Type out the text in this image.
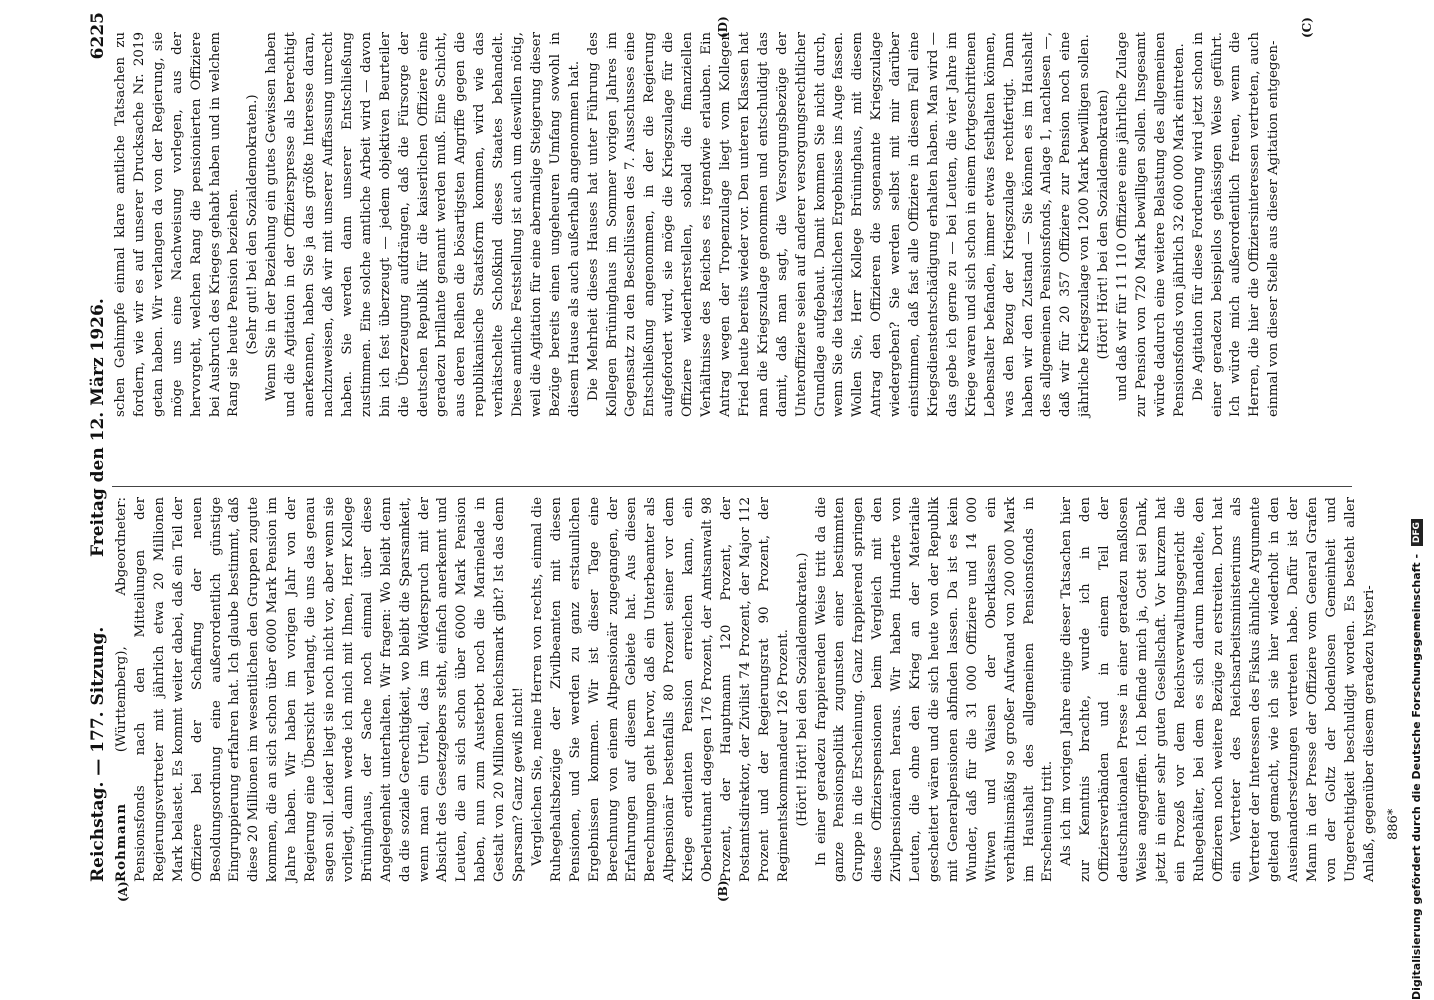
Reichstag. — 177. Sitzung.
Freitag den 12. März 1926.
6225
(A)	(B)
(C)
(D)

Rohmann (Württemberg), Abgeordneter: Pensionsfonds nach den Mitteilungen der Regierungsvertreter mit jährlich etwa 20 Millionen Mark belastet. Es kommt weiter dabei, daß ein Teil der Offiziere bei der Schaffung der neuen Besoldungsordnung eine außerordentlich günstige Eingruppierung erfahren hat. Ich glaube bestimmt, daß diese 20 Millionen im wesentlichen den Gruppen zugute kommen, die an sich schon über 6000 Mark Pension im Jahre haben. Wir haben im vorigen Jahr von der Regierung eine Übersicht verlangt, die uns das genau sagen soll. Leider liegt sie noch nicht vor, aber wenn sie vorliegt, dann werde ich mich mit Ihnen, Herr Kollege Brüninghaus, der Sache noch einmal über diese Angelegenheit unterhalten. Wir fragen: Wo bleibt denn da die soziale Gerechtigkeit, wo bleibt die Sparsamkeit, wenn man ein Urteil, das im Widerspruch mit der Absicht des Gesetzgebers steht, einfach anerkennt und Leuten, die an sich schon über 6000 Mark Pension haben, nun zum Austerbot noch die Marinelade in Gestalt von 20 Millionen Reichsmark gibt? Ist das denn Sparsam? Ganz gewiß nicht! Vergleichen Sie, meine Herren von rechts, einmal die Ruhegehaltsbezüge der Zivilbeamten mit diesen Pensionen, und Sie werden zu ganz erstaunlichen Ergebnissen kommen. Wir ist dieser Tage eine Berechnung von einem Altpensionär zugegangen, der Erfahrungen auf diesem Gebiete hat. Aus diesen Berechnungen geht hervor, daß ein Unterbeamter als Altpensionär bestenfalls 80 Prozent seiner vor dem Kriege erdienten Pension erreichen kann, ein Oberleutnant dagegen 176 Prozent, der Amtsanwalt 98 Prozent, der Hauptmann 120 Prozent, der Postamtsdirektor, der Zivilist 74 Prozent, der Major 112 Prozent und der Regierungsrat 90 Prozent, der Regimentskommandeur 126 Prozent. (Hört! Hört! bei den Sozialdemokraten.) In einer geradezu frappierenden Weise tritt da die ganze Pensionspolitik zugunsten einer bestimmten Gruppe in die Erscheinung. Ganz frappierend springen diese Offizierspensionen beim Vergleich mit den Zivilpensionären heraus. Wir haben Hunderte von Leuten, die ohne den Krieg an der Materialie gescheitert wären und die sich heute von der Republik mit Generalpensionen abfinden lassen. Da ist es kein Wunder, daß für die 31 000 Offiziere und 14 000 Witwen und Waisen der Oberklassen ein verhältnismäßig so großer Aufwand von 200 000 Mark im Haushalt des allgemeinen Pensionsfonds in Erscheinung tritt. Als ich im vorigen Jahre einige dieser Tatsachen hier zur Kenntnis brachte, wurde ich in den Offiziersverbänden und in einem Teil der deutschnationalen Presse in einer geradezu maßlosen Weise angegriffen. Ich befinde mich ja, Gott sei Dank, jetzt in einer sehr guten Gesellschaft. Vor kurzem hat ein Prozeß vor dem Reichsverwaltungsgericht die Ruhegehälter, bei dem es sich darum handelte, den Offizieren noch weitere Bezüge zu erstreiten. Dort hat ein Vertreter des Reichsarbeitsministeriums als Vertreter der Interessen des Fiskus ähnliche Argumente geltend gemacht, wie ich sie hier wiederholt in den Auseinandersetzungen vertreten habe. Dafür ist der Mann in der Presse der Offiziere vom General Grafen von der Goltz der bodenlosen Gemeinheit und Ungerechtigkeit beschuldigt worden. Es besteht aller Anlaß, gegenüber diesem geradezu hysteri-

schen Gehimpfe einmal klare amtliche Tatsachen zu fordern, wie wir es auf unserer Drucksache Nr. 2019 getan haben. Wir verlangen da von der Regierung, sie möge uns eine Nachweisung vorlegen, aus der hervorgeht, welchen Rang die pensionierten Offiziere bei Ausbruch des Krieges gehabt haben und in welchem Rang sie heute Pension beziehen. (Sehr gut! bei den Sozialdemokraten.) Wenn Sie in der Beziehung ein gutes Gewissen haben und die Agitation in der Offizierspresse als berechtigt anerkennen, haben Sie ja das größte Interesse daran, nachzuweisen, daß wir mit unserer Auffassung unrecht haben. Sie werden dann unserer Entschließung zustimmen. Eine solche amtliche Arbeit wird — davon bin ich fest überzeugt — jedem objektiven Beurteiler die Überzeugung aufdrängen, daß die Fürsorge der deutschen Republik für die kaiserlichen Offiziere eine geradezu brillante genannt werden muß. Eine Schicht, aus deren Reihen die bösartigsten Angriffe gegen die republikanische Staatsform kommen, wird wie das verhätschelte Schoßkind dieses Staates behandelt. Diese amtliche Feststellung ist auch um deswillen nötig, weil die Agitation für eine abermalige Steigerung dieser Bezüge bereits einen ungeheuren Umfang sowohl in diesem Hause als auch außerhalb angenommen hat. Die Mehrheit dieses Hauses hat unter Führung des Kollegen Brüninghaus im Sommer vorigen Jahres im Gegensatz zu den Beschlüssen des 7. Ausschusses eine Entschließung angenommen, in der die Regierung aufgefordert wird, sie möge die Kriegszulage für die Offiziere wiederherstellen, sobald die finanziellen Verhältnisse des Reiches es irgendwie erlauben. Ein Antrag wegen der Tropenzulage liegt vom Kollegen Fried heute bereits wieder vor. Den unteren Klassen hat man die Kriegszulage genommen und entschuldigt das damit, daß man sagt, die Versorgungsbezüge der Unteroffiziere seien auf anderer versorgungsrechtlicher Grundlage aufgebaut. Damit kommen Sie nicht durch, wenn Sie die tatsächlichen Ergebnisse ins Auge fassen. Wollen Sie, Herr Kollege Brüninghaus, mit diesem Antrag den Offizieren die sogenannte Kriegszulage wiedergeben? Sie werden selbst mit mir darüber einstimmen, daß fast alle Offiziere in diesem Fall eine Kriegsdienstentschädigung erhalten haben. Man wird — das gebe ich gerne zu — bei Leuten, die vier Jahre im Kriege waren und sich schon in einem fortgeschrittenen Lebensalter befanden, immer etwas festhalten können, was den Bezug der Kriegszulage rechtfertigt. Dann haben wir den Zustand — Sie können es im Haushalt des allgemeinen Pensionsfonds, Anlage 1, nachlesen —, daß wir für 20 357 Offiziere zur Pension noch eine jährliche Kriegszulage von 1200 Mark bewilligen sollen. (Hört! Hört! bei den Sozialdemokraten) und daß wir für 11 110 Offiziere eine jährliche Zulage zur Pension von 720 Mark bewilligen sollen. Insgesamt würde dadurch eine weitere Belastung des allgemeinen Pensionsfonds von jährlich 32 600 000 Mark eintreten. Die Agitation für diese Forderung wird jetzt schon in einer geradezu beispiellos gehässigen Weise geführt. Ich würde mich außerordentlich freuen, wenn die Herren, die hier die Offiziersinteressen vertreten, auch einmal von dieser Stelle aus dieser Agitation entgegen-

886* Digitalisierung gefördert durch die Deutsche Forschungsgemeinschaft - DFG
